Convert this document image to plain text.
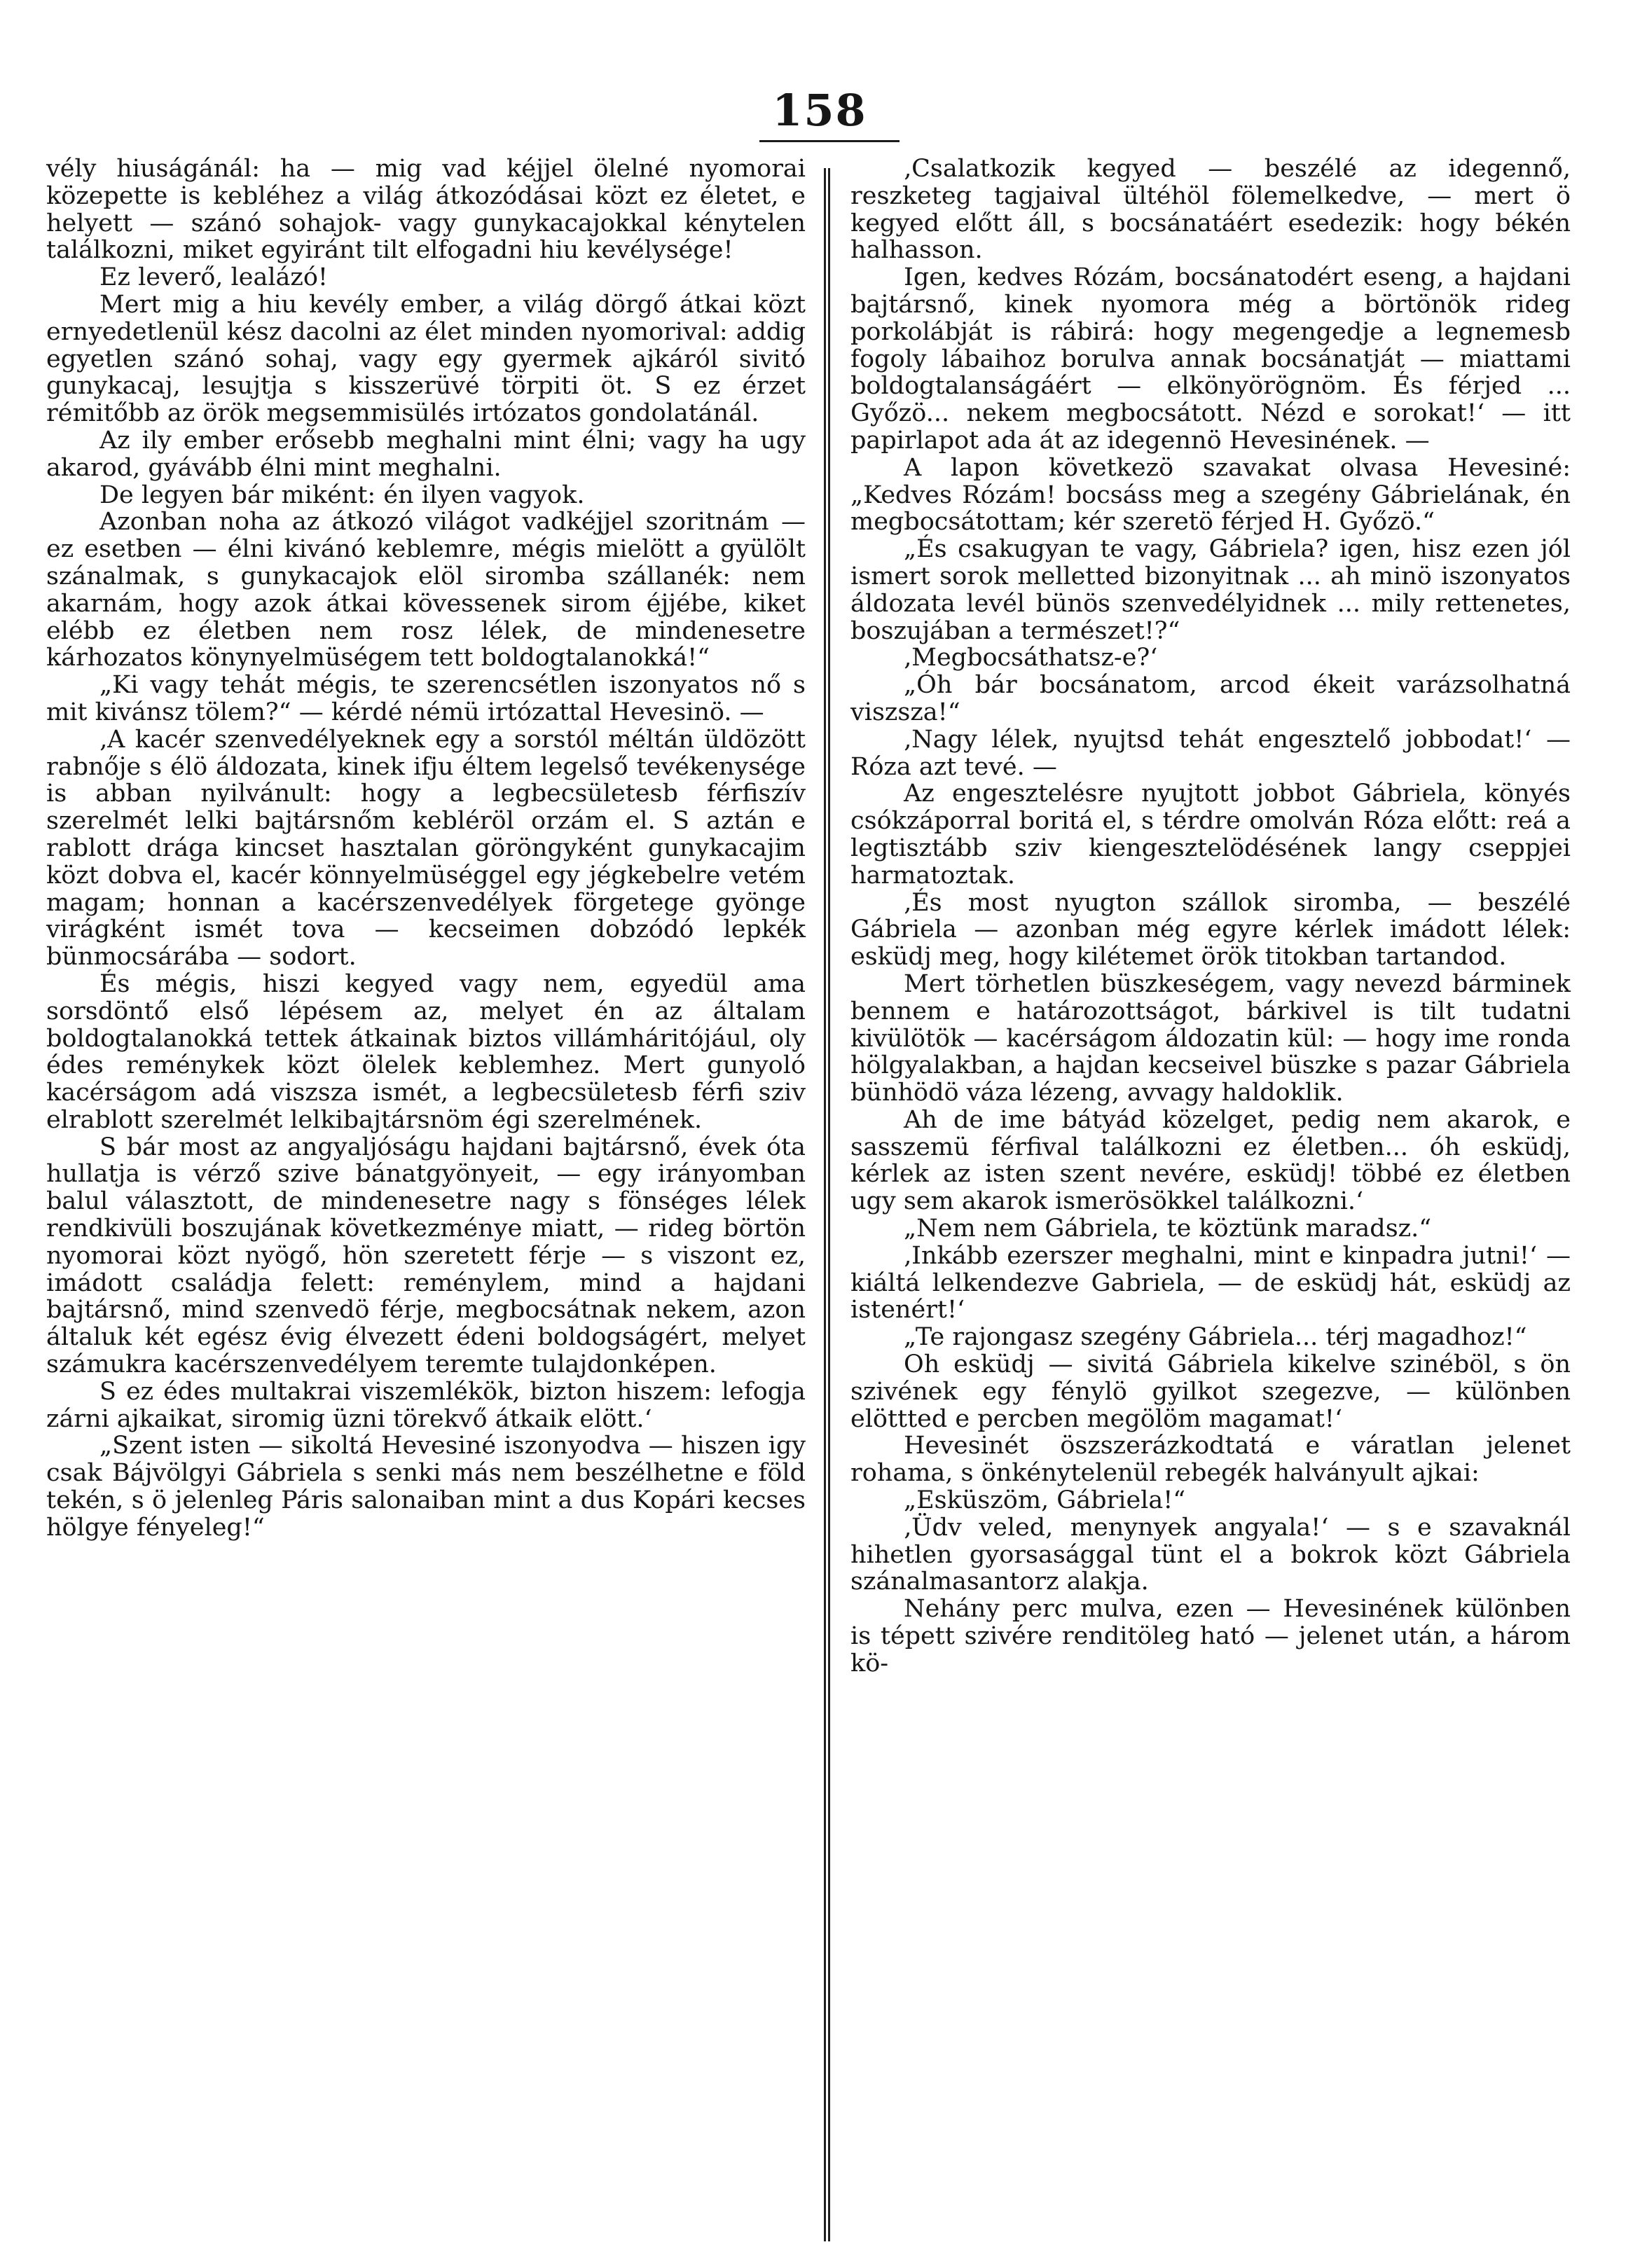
158

vély hiuságánál: ha — mig vad kéjjel ölelné nyomorai közepette is kebléhez a világ átkozódásai közt ez életet, e helyett — szánó sohajok- vagy gunykacajokkal kénytelen találkozni, miket egyiránt tilt elfogadni hiu kevélysége!

Ez leverő, lealázó!

Mert mig a hiu kevély ember, a világ dörgő átkai közt ernyedetlenül kész dacolni az élet minden nyomorival: addig egyetlen szánó sohaj, vagy egy gyermek ajkáról sivitó gunykacaj, lesujtja s kisszerüvé törpiti öt. S ez érzet rémitőbb az örök megsemmisülés irtózatos gondolatánál.

Az ily ember erősebb meghalni mint élni; vagy ha ugy akarod, gyávább élni mint meghalni.

De legyen bár miként: én ilyen vagyok.

Azonban noha az átkozó világot vadkéjjel szoritnám — ez esetben — élni kivánó keblemre, mégis mielött a gyülölt szánalmak, s gunykacajok elöl siromba szállanék: nem akarnám, hogy azok átkai kövessenek sirom éjjébe, kiket elébb ez életben nem rosz lélek, de mindenesetre kárhozatos könynyelmüségem tett boldogtalanokká!“

„Ki vagy tehát mégis, te szerencsétlen iszonyatos nő s mit kivánsz tölem?“ — kérdé némü irtózattal Hevesinö. —

‚A kacér szenvedélyeknek egy a sorstól méltán üldözött rabnője s élö áldozata, kinek ifju éltem legelső tevékenysége is abban nyilvánult: hogy a legbecsületesb férfiszív szerelmét lelki bajtársnőm kebléröl orzám el. S aztán e rablott drága kincset hasztalan göröngyként gunykacajim közt dobva el, kacér könnyelmüséggel egy jégkebelre vetém magam; honnan a kacérszenvedélyek förgetege gyönge virágként ismét tova — kecseimen dobzódó lepkék bünmocsárába — sodort.

És mégis, hiszi kegyed vagy nem, egyedül ama sorsdöntő első lépésem az, melyet én az általam boldogtalanokká tettek átkainak biztos villámháritójául, oly édes reménykek közt ölelek keblemhez. Mert gunyoló kacérságom adá viszsza ismét, a legbecsületesb férfi sziv elrablott szerelmét lelkibajtársnöm égi szerelmének.

S bár most az angyaljóságu hajdani bajtársnő, évek óta hullatja is vérző szive bánatgyönyeit, — egy irányomban balul választott, de mindenesetre nagy s fönséges lélek rendkivüli boszujának következménye miatt, — rideg börtön nyomorai közt nyögő, hön szeretett férje — s viszont ez, imádott családja felett: reménylem, mind a hajdani bajtársnő, mind szenvedö férje, megbocsátnak nekem, azon általuk két egész évig élvezett édeni boldogságért, melyet számukra kacérszenvedélyem teremte tulajdonképen.

S ez édes multakrai viszemlékök, bizton hiszem: lefogja zárni ajkaikat, siromig üzni törekvő átkaik elött.‘

„Szent isten — sikoltá Hevesiné iszonyodva — hiszen igy csak Bájvölgyi Gábriela s senki más nem beszélhetne e föld tekén, s ö jelenleg Páris salonaiban mint a dus Kopári kecses hölgye fényeleg!“

‚Csalatkozik kegyed — beszélé az idegennő, reszketeg tagjaival ültéhöl fölemelkedve, — mert ö kegyed előtt áll, s bocsánatáért esedezik: hogy békén halhasson.

Igen, kedves Rózám, bocsánatodért eseng, a hajdani bajtársnő, kinek nyomora még a börtönök rideg porkolábját is rábirá: hogy megengedje a legnemesb fogoly lábaihoz borulva annak bocsánatját — miattami boldogtalanságáért — elkönyörögnöm. És férjed ... Győzö... nekem megbocsátott. Nézd e sorokat!‘ — itt papirlapot ada át az idegennö Hevesinének. —

A lapon következö szavakat olvasa Hevesiné: „Kedves Rózám! bocsáss meg a szegény Gábrielának, én megbocsátottam; kér szeretö férjed H. Győzö.“

„És csakugyan te vagy, Gábriela? igen, hisz ezen jól ismert sorok melletted bizonyitnak ... ah minö iszonyatos áldozata levél bünös szenvedélyidnek ... mily rettenetes, boszujában a természet!?“

‚Megbocsáthatsz-e?‘

„Óh bár bocsánatom, arcod ékeit varázsolhatná viszsza!“

‚Nagy lélek, nyujtsd tehát engesztelő jobbodat!‘ — Róza azt tevé. —

Az engesztelésre nyujtott jobbot Gábriela, könyés csókzáporral boritá el, s térdre omolván Róza előtt: reá a legtisztább sziv kiengesztelödésének langy cseppjei harmatoztak.

‚És most nyugton szállok siromba, — beszélé Gábriela — azonban még egyre kérlek imádott lélek: esküdj meg, hogy kilétemet örök titokban tartandod.

Mert törhetlen büszkeségem, vagy nevezd bárminek bennem e határozottságot, bárkivel is tilt tudatni kivülötök — kacérságom áldozatin kül: — hogy ime ronda hölgyalakban, a hajdan kecseivel büszke s pazar Gábriela bünhödö váza lézeng, avvagy haldoklik.

Ah de ime bátyád közelget, pedig nem akarok, e sasszemü férfival találkozni ez életben... óh esküdj, kérlek az isten szent nevére, esküdj! többé ez életben ugy sem akarok ismerösökkel találkozni.‘

„Nem nem Gábriela, te köztünk maradsz.“

‚Inkább ezerszer meghalni, mint e kinpadra jutni!‘ — kiáltá lelkendezve Gabriela, — de esküdj hát, esküdj az istenért!‘

„Te rajongasz szegény Gábriela... térj magadhoz!“

Oh esküdj — sivitá Gábriela kikelve szinéböl, s ön szivének egy fénylö gyilkot szegezve, — különben elöttted e percben megölöm magamat!‘

Hevesinét öszszerázkodtatá e váratlan jelenet rohama, s önkénytelenül rebegék halványult ajkai:

„Esküszöm, Gábriela!“

‚Üdv veled, menynyek angyala!‘ — s e szavaknál hihetlen gyorsasággal tünt el a bokrok közt Gábriela szánalmasantorz alakja.

Nehány perc mulva, ezen — Hevesinének különben is tépett szivére renditöleg ható — jelenet után, a három kö-
